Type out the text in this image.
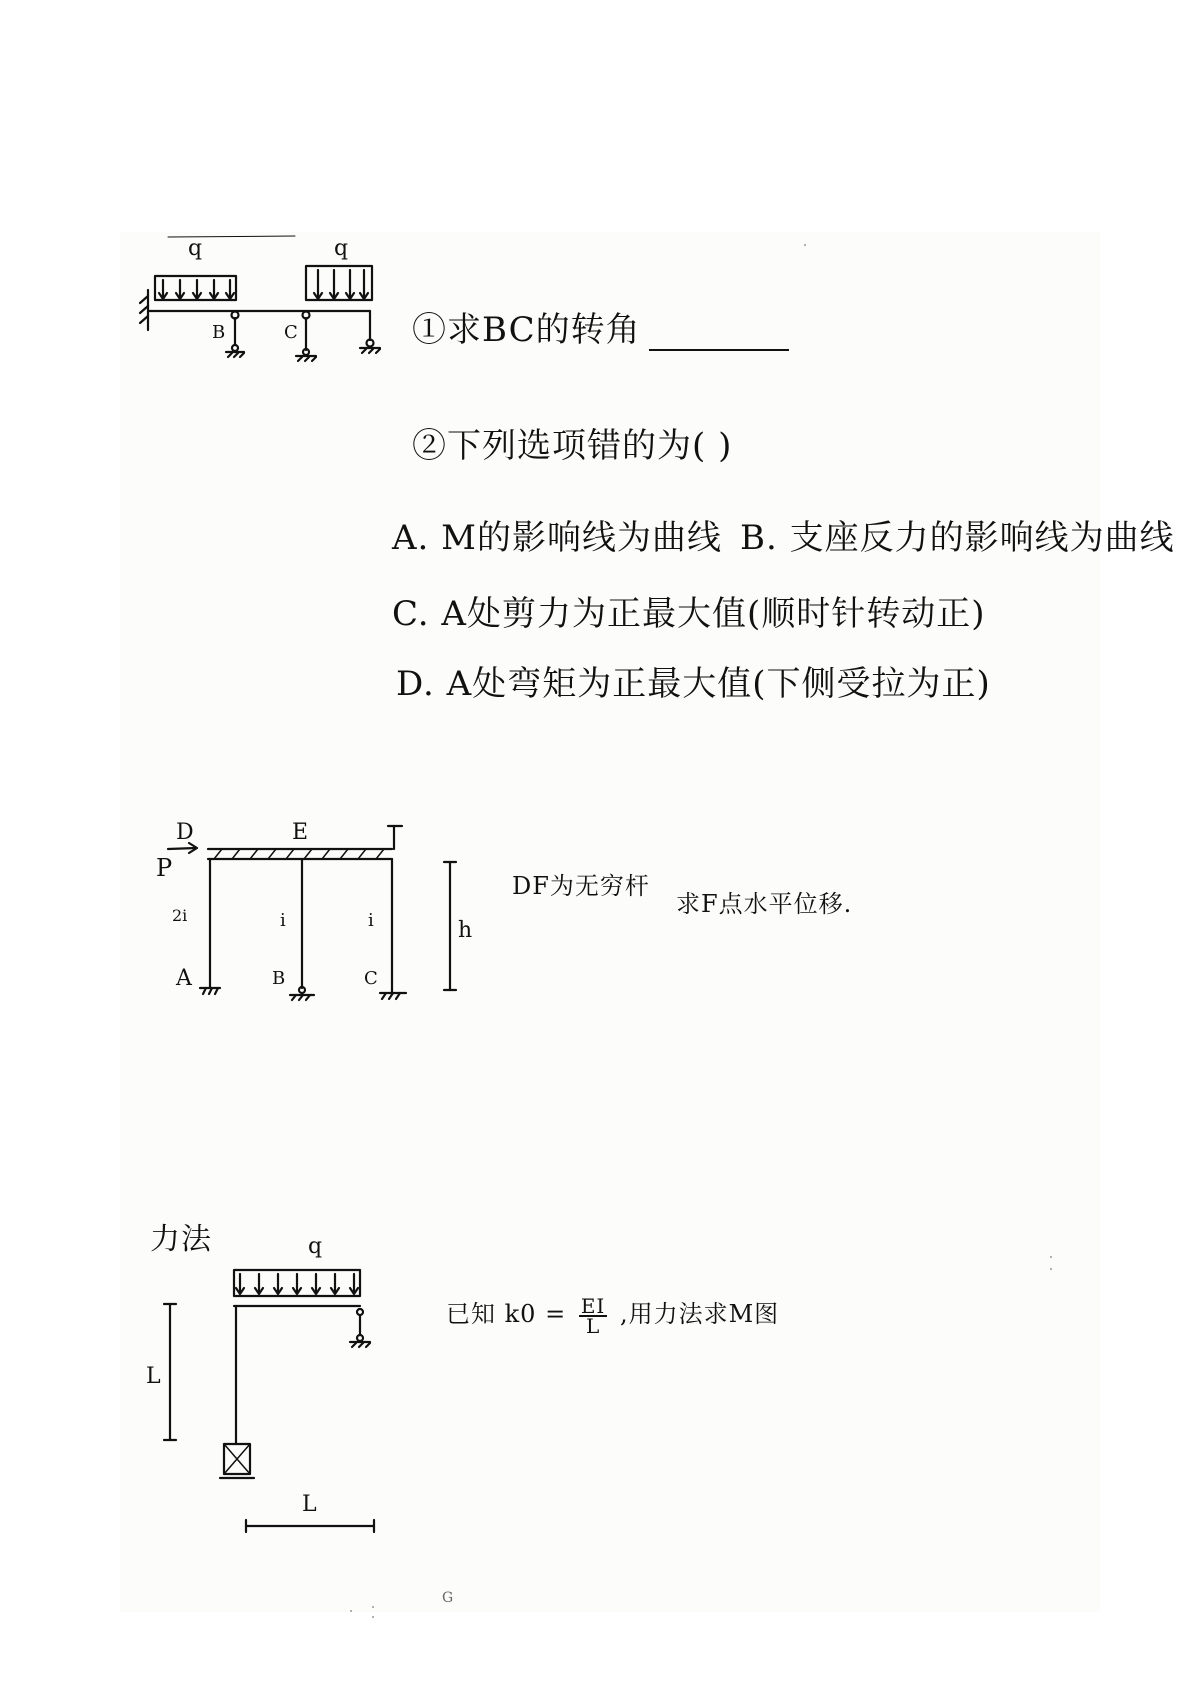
q	q
B	C
D
P
E
2i	i	i
A	B	C
h
q
L
L
①求BC的转角
②下列选项错的为( )
A. M的影响线为曲线 B. 支座反力的影响线为曲线
C. A处剪力为正最大值(顺时针转动正)
D. A处弯矩为正最大值(下侧受拉为正)
DF为无穷杆
求F点水平位移.
力法
已知 $k0 = \frac{EI}{L}$ ,用力法求M图
G
